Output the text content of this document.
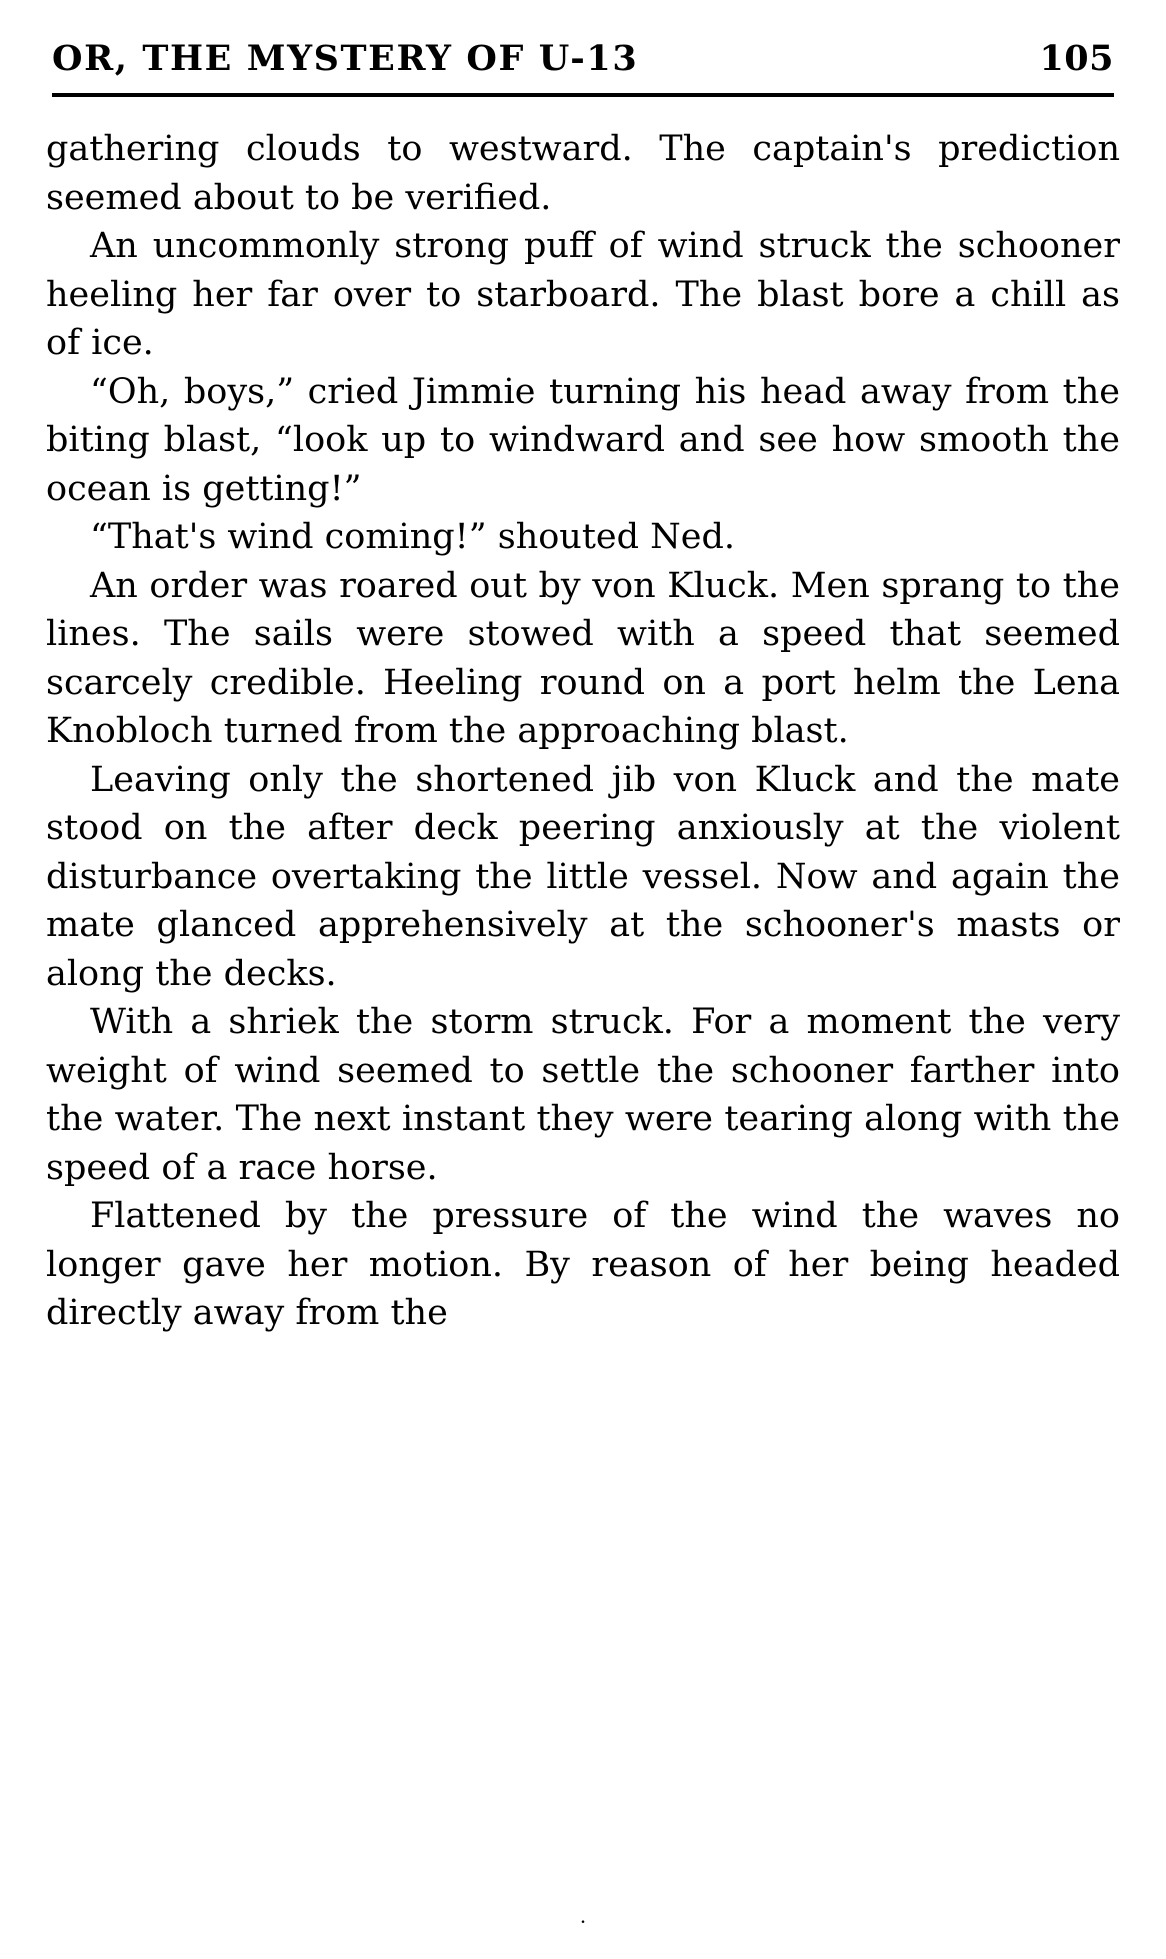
OR, THE MYSTERY OF U-13	105

gathering clouds to westward. The captain's prediction seemed about to be verified.

An uncommonly strong puff of wind struck the schooner heeling her far over to starboard. The blast bore a chill as of ice.

“Oh, boys,” cried Jimmie turning his head away from the biting blast, “look up to windward and see how smooth the ocean is getting!”

“That's wind coming!” shouted Ned.

An order was roared out by von Kluck. Men sprang to the lines. The sails were stowed with a speed that seemed scarcely credible. Heeling round on a port helm the Lena Knobloch turned from the approaching blast.

Leaving only the shortened jib von Kluck and the mate stood on the after deck peering anxiously at the violent disturbance overtaking the little vessel. Now and again the mate glanced apprehensively at the schooner's masts or along the decks.

With a shriek the storm struck. For a moment the very weight of wind seemed to settle the schooner farther into the water. The next instant they were tearing along with the speed of a race horse.

Flattened by the pressure of the wind the waves no longer gave her motion. By reason of her being headed directly away from the

.
